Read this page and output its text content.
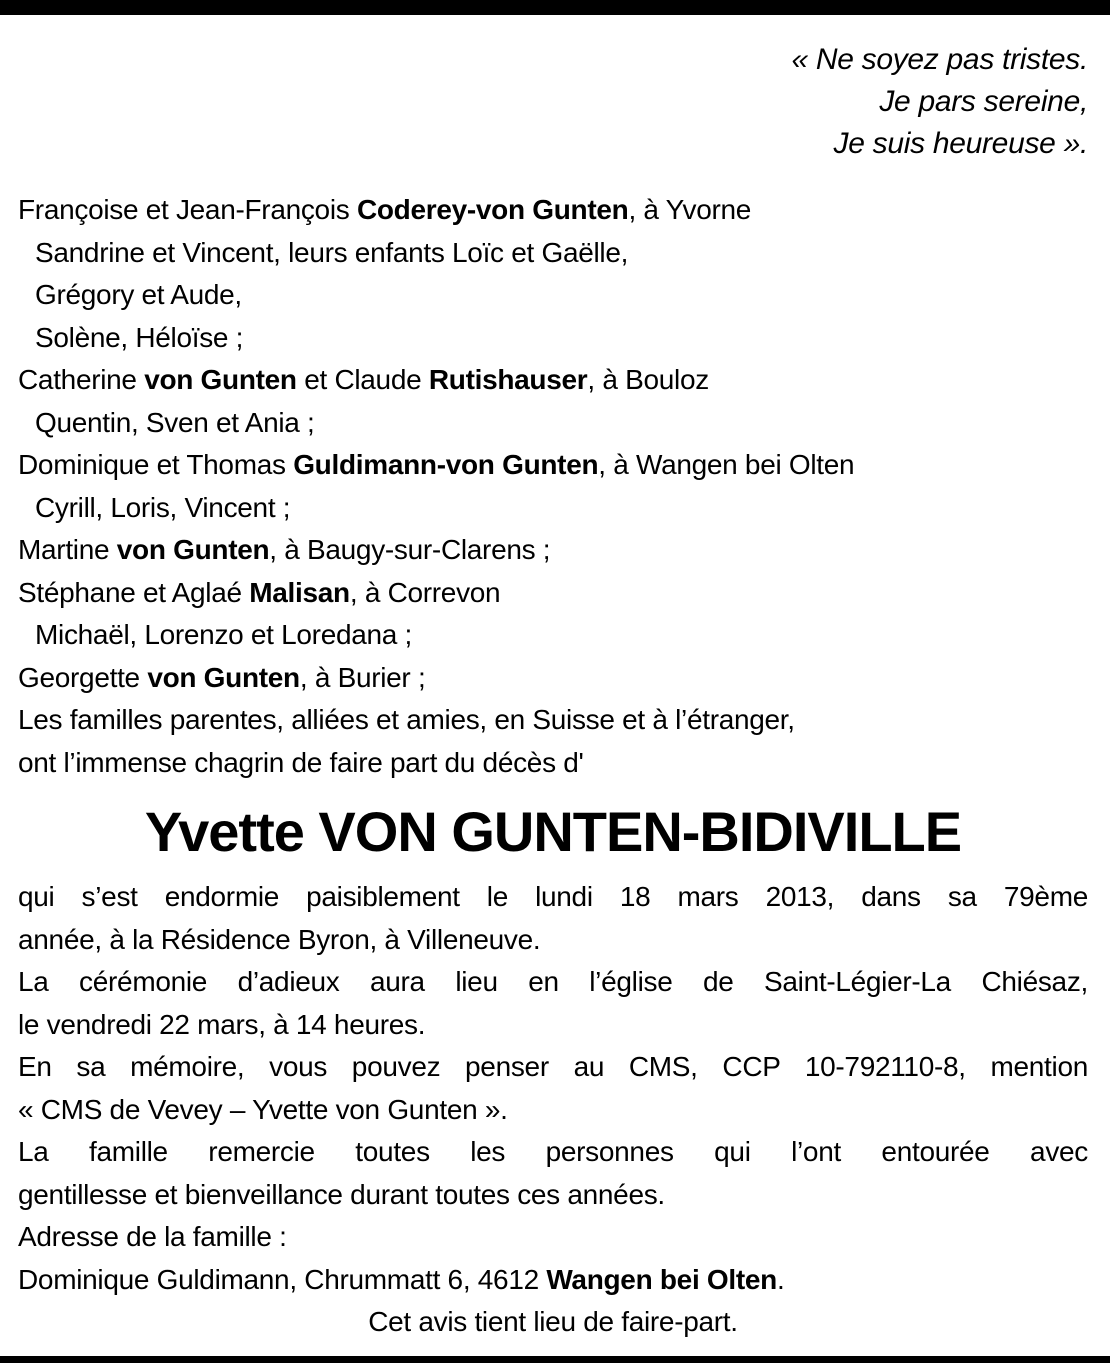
« Ne soyez pas tristes.
Je pars sereine,
Je suis heureuse ».
Françoise et Jean-François Coderey-von Gunten, à Yvorne
Sandrine et Vincent, leurs enfants Loïc et Gaëlle,
Grégory et Aude,
Solène, Héloïse ;
Catherine von Gunten et Claude Rutishauser, à Bouloz
Quentin, Sven et Ania ;
Dominique et Thomas Guldimann-von Gunten, à Wangen bei Olten
Cyrill, Loris, Vincent ;
Martine von Gunten, à Baugy-sur-Clarens ;
Stéphane et Aglaé Malisan, à Correvon
Michaël, Lorenzo et Loredana ;
Georgette von Gunten, à Burier ;
Les familles parentes, alliées et amies, en Suisse et à l’étranger,
ont l’immense chagrin de faire part du décès d'
Yvette VON GUNTEN-BIDIVILLE
qui s’est endormie paisiblement le lundi 18 mars 2013, dans sa 79ème
année, à la Résidence Byron, à Villeneuve.
La cérémonie d’adieux aura lieu en l’église de Saint-Légier-La Chiésaz,
le vendredi 22 mars, à 14 heures.
En sa mémoire, vous pouvez penser au CMS, CCP 10-792110-8, mention
« CMS de Vevey – Yvette von Gunten ».
La famille remercie toutes les personnes qui l’ont entourée avec
gentillesse et bienveillance durant toutes ces années.
Adresse de la famille :
Dominique Guldimann, Chrummatt 6, 4612 Wangen bei Olten.
Cet avis tient lieu de faire-part.
